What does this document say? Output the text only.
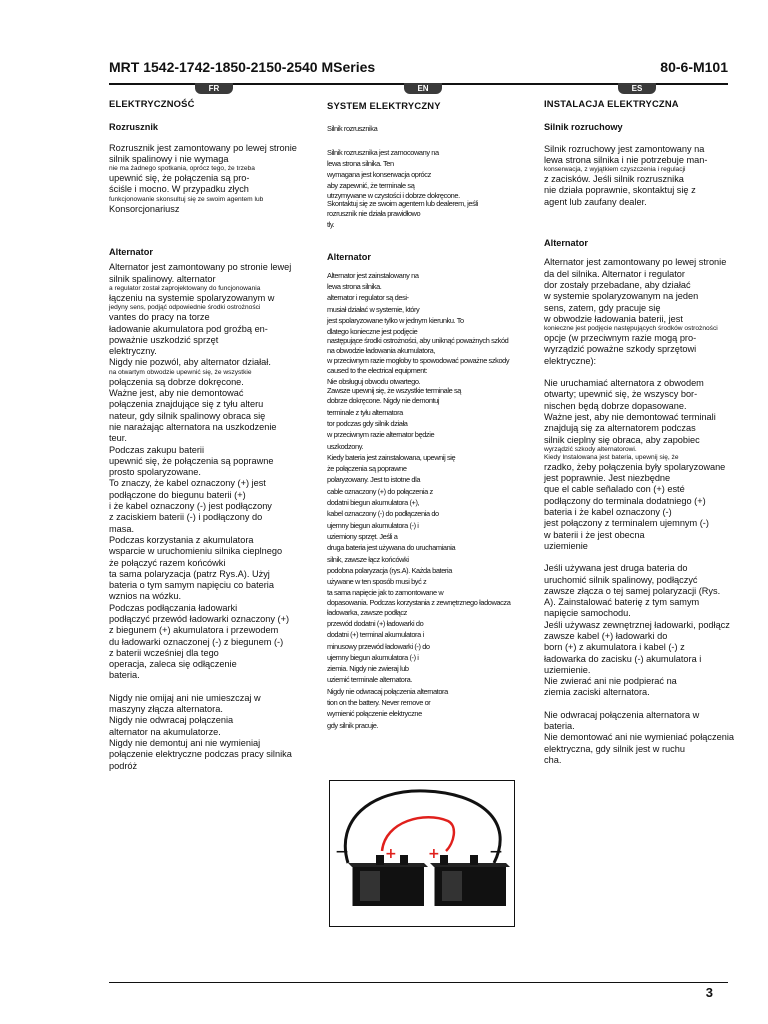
MRT 1542-1742-1850-2150-2540 MSeries	80-6-M101
FR	EN	ES
ELEKTRYCZNOŚĆ
Rozrusznik
Rozrusznik jest zamontowany po lewej stronie
silnik spalinowy i nie wymaga
nie ma żadnego spotkania, oprócz tego, że trzeba
upewnić się, że połączenia są pro-
ściśle i mocno. W przypadku złych
funkcjonowanie skonsultuj się ze swoim agentem lub
Konsorcjonariusz
Alternator
Alternator jest zamontowany po stronie lewej
silnik spalinowy. alternator
a regulator został zaprojektowany do funcjonowania
łączeniu na systemie spolaryzowanym w
jedyny sens, podjąć odpowiednie środki ostrożności
vantes do pracy na torze
ładowanie akumulatora pod groźbą en-
poważnie uszkodzić sprzęt
elektryczny.
Nigdy nie pozwól, aby alternator działał.
na otwartym obwodzie upewnić się, że wszystkie
połączenia są dobrze dokręcone.
Ważne jest, aby nie demontować
połączenia znajdujące się z tyłu alteru
nateur, gdy silnik spalinowy obraca się
nie narażając alternatora na uszkodzenie
teur.
Podczas zakupu baterii
upewnić się, że połączenia są poprawne
prosto spolaryzowane.
To znaczy, że kabel oznaczony (+) jest
podłączone do biegunu baterii (+)
i że kabel oznaczony (-) jest podłączony
z zaciskiem baterii (-) i podłączony do
masa.
Podczas korzystania z akumulatora
wsparcie w uruchomieniu silnika cieplnego
że połączyć razem końcówki
ta sama polaryzacja (patrz Rys.A). Użyj
bateria o tym samym napięciu co bateria
wznios na wózku.
Podczas podłączania ładowarki
podłączyć przewód ładowarki oznaczony (+)
z biegunem (+) akumulatora i przewodem
du ładowarki oznaczonej (-) z biegunem (-)
z baterii wcześniej dla tego
operacja, zaleca się odłączenie
bateria.
Nigdy nie omijaj ani nie umieszczaj w
maszyny złącza alternatora.
Nigdy nie odwracaj połączenia
alternator na akumulatorze.
Nigdy nie demontuj ani nie wymieniaj
połączenie elektryczne podczas pracy silnika
podróż
SYSTEM ELEKTRYCZNY
Silnik rozrusznika
Silnik rozrusznika jest zamocowany na
lewa strona silnika. Ten
wymagana jest konserwacja oprócz
aby zapewnić, że terminale są
utrzymywane w czystości i dobrze dokręcone.
Skontaktuj się ze swoim agentem lub dealerem, jeśli
rozrusznik nie działa prawidłowo
tly.
Alternator
Alternator jest zainstalowany na
lewa strona silnika.
alternator i regulator są desi-
musiał działać w systemie, który
jest spolaryzowane tylko w jednym kierunku. To
dlatego konieczne jest podjęcie
następujące środki ostrożności, aby uniknąć poważnych szkód
na obwodzie ładowania akumulatora,
w przeciwnym razie mogłoby to spowodować poważne szkody
caused to the electrical equipment:
Nie obsługuj obwodu otwartego.
Zawsze upewnij się, że wszystkie terminale są
dobrze dokręcone. Nigdy nie demontuj
terminale z tyłu alternatora
tor podczas gdy silnik działa
w przeciwnym razie alternator będzie
uszkodzony.
Kiedy bateria jest zainstalowana, upewnij się
że połączenia są poprawne
polaryzowany. Jest to istotne dla
cable oznaczony (+) do połączenia z
dodatni biegun akumulatora (+),
kabel oznaczony (-) do podłączenia do
ujemny biegun akumulatora (-) i
uziemiony sprzęt. Jeśli a
druga bateria jest używana do uruchamiania
silnik, zawsze łącz końcówki
podobna polaryzacja (rys.A). Każda bateria
używane w ten sposób musi być z
ta sama napięcie jak to zamontowane w
dopasowania. Podczas korzystania z zewnętrznego ładowacza
ładowarka, zawsze podłącz
przewód dodatni (+) ładowarki do
dodatni (+) terminal akumulatora i
minusowy przewód ładowarki (-) do
ujemny biegun akumulatora (-) i
ziemia. Nigdy nie zwieraj lub
uziemić terminale alternatora.
Nigdy nie odwracaj połączenia alternatora
tion on the battery. Never remove or
wymienić połączenie elektryczne
gdy silnik pracuje.
INSTALACJA ELEKTRYCZNA
Silnik rozruchowy
Silnik rozruchowy jest zamontowany na
lewa strona silnika i nie potrzebuje man-
konserwacja, z wyjątkiem czyszczenia i regulacji
z zacisków. Jeśli silnik rozrusznika
nie działa poprawnie, skontaktuj się z
agent lub zaufany dealer.
Alternator
Alternator jest zamontowany po lewej stronie
da del silnika. Alternator i regulator
dor zostały przebadane, aby działać
w systemie spolaryzowanym na jeden
sens, zatem, gdy pracuje się
w obwodzie ładowania baterii, jest
konieczne jest podjęcie następujących środków ostrożności
opcje (w przeciwnym razie mogą pro-
wyrządzić poważne szkody sprzętowi
elektryczne):
Nie uruchamiać alternatora z obwodem
otwarty; upewnić się, że wszyscy bor-
nischen będą dobrze dopasowane.
Ważne jest, aby nie demontować terminali
znajdują się za alternatorem podczas
silnik cieplny się obraca, aby zapobiec
wyrządzić szkody alternatorowi.
Kiedy Instalowana jest bateria, upewnij się, że
rzadko, żeby połączenia były spolaryzowane
jest poprawnie. Jest niezbędne
que el cable señalado con (+) esté
podłączony do terminala dodatniego (+)
bateria i że kabel oznaczony (-)
jest połączony z terminalem ujemnym (-)
w baterii i że jest obecna
uziemienie
Jeśli używana jest druga bateria do
uruchomić silnik spalinowy, podłączyć
zawsze złącza o tej samej polaryzacji (Rys.
A). Zainstalować baterię z tym samym
napięcie samochodu.
Jeśli używasz zewnętrznej ładowarki, podłącz
zawsze kabel (+) ładowarki do
born (+) z akumulatora i kabel (-) z
ładowarka do zacisku (-) akumulatora i
uziemienie.
Nie zwierać ani nie podpierać na
ziemia zaciski alternatora.
Nie odwracaj połączenia alternatora w
bateria.
Nie demontować ani nie wymieniać połączenia
elektryczna, gdy silnik jest w ruchu
cha.
+ +
—	—
3
